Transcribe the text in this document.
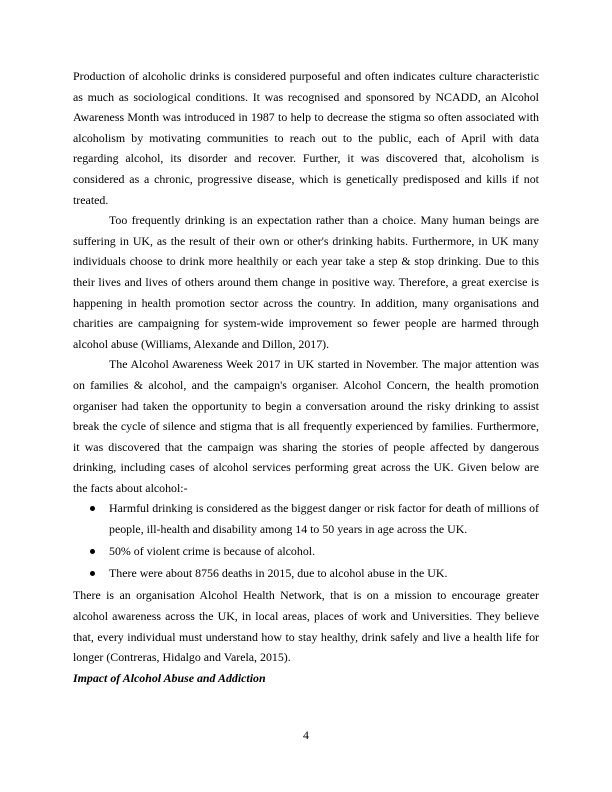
Production of alcoholic drinks is considered purposeful and often indicates culture characteristic as much as sociological conditions. It was recognised and sponsored by NCADD, an Alcohol Awareness Month was introduced in 1987 to help to decrease the stigma so often associated with alcoholism by motivating communities to reach out to the public, each of April with data regarding alcohol, its disorder and recover. Further, it was discovered that, alcoholism is considered as a chronic, progressive disease, which is genetically predisposed and kills if not treated.

Too frequently drinking is an expectation rather than a choice. Many human beings are suffering in UK, as the result of their own or other's drinking habits. Furthermore, in UK many individuals choose to drink more healthily or each year take a step & stop drinking. Due to this their lives and lives of others around them change in positive way. Therefore, a great exercise is happening in health promotion sector across the country. In addition, many organisations and charities are campaigning for system-wide improvement so fewer people are harmed through alcohol abuse (Williams, Alexande and Dillon, 2017).

The Alcohol Awareness Week 2017 in UK started in November. The major attention was on families & alcohol, and the campaign's organiser. Alcohol Concern, the health promotion organiser had taken the opportunity to begin a conversation around the risky drinking to assist break the cycle of silence and stigma that is all frequently experienced by families. Furthermore, it was discovered that the campaign was sharing the stories of people affected by dangerous drinking, including cases of alcohol services performing great across the UK. Given below are the facts about alcohol:-

Harmful drinking is considered as the biggest danger or risk factor for death of millions of people, ill-health and disability among 14 to 50 years in age across the UK.
50% of violent crime is because of alcohol.
There were about 8756 deaths in 2015, due to alcohol abuse in the UK.

There is an organisation Alcohol Health Network, that is on a mission to encourage greater alcohol awareness across the UK, in local areas, places of work and Universities. They believe that, every individual must understand how to stay healthy, drink safely and live a health life for longer (Contreras, Hidalgo and Varela, 2015).

Impact of Alcohol Abuse and Addiction

4
